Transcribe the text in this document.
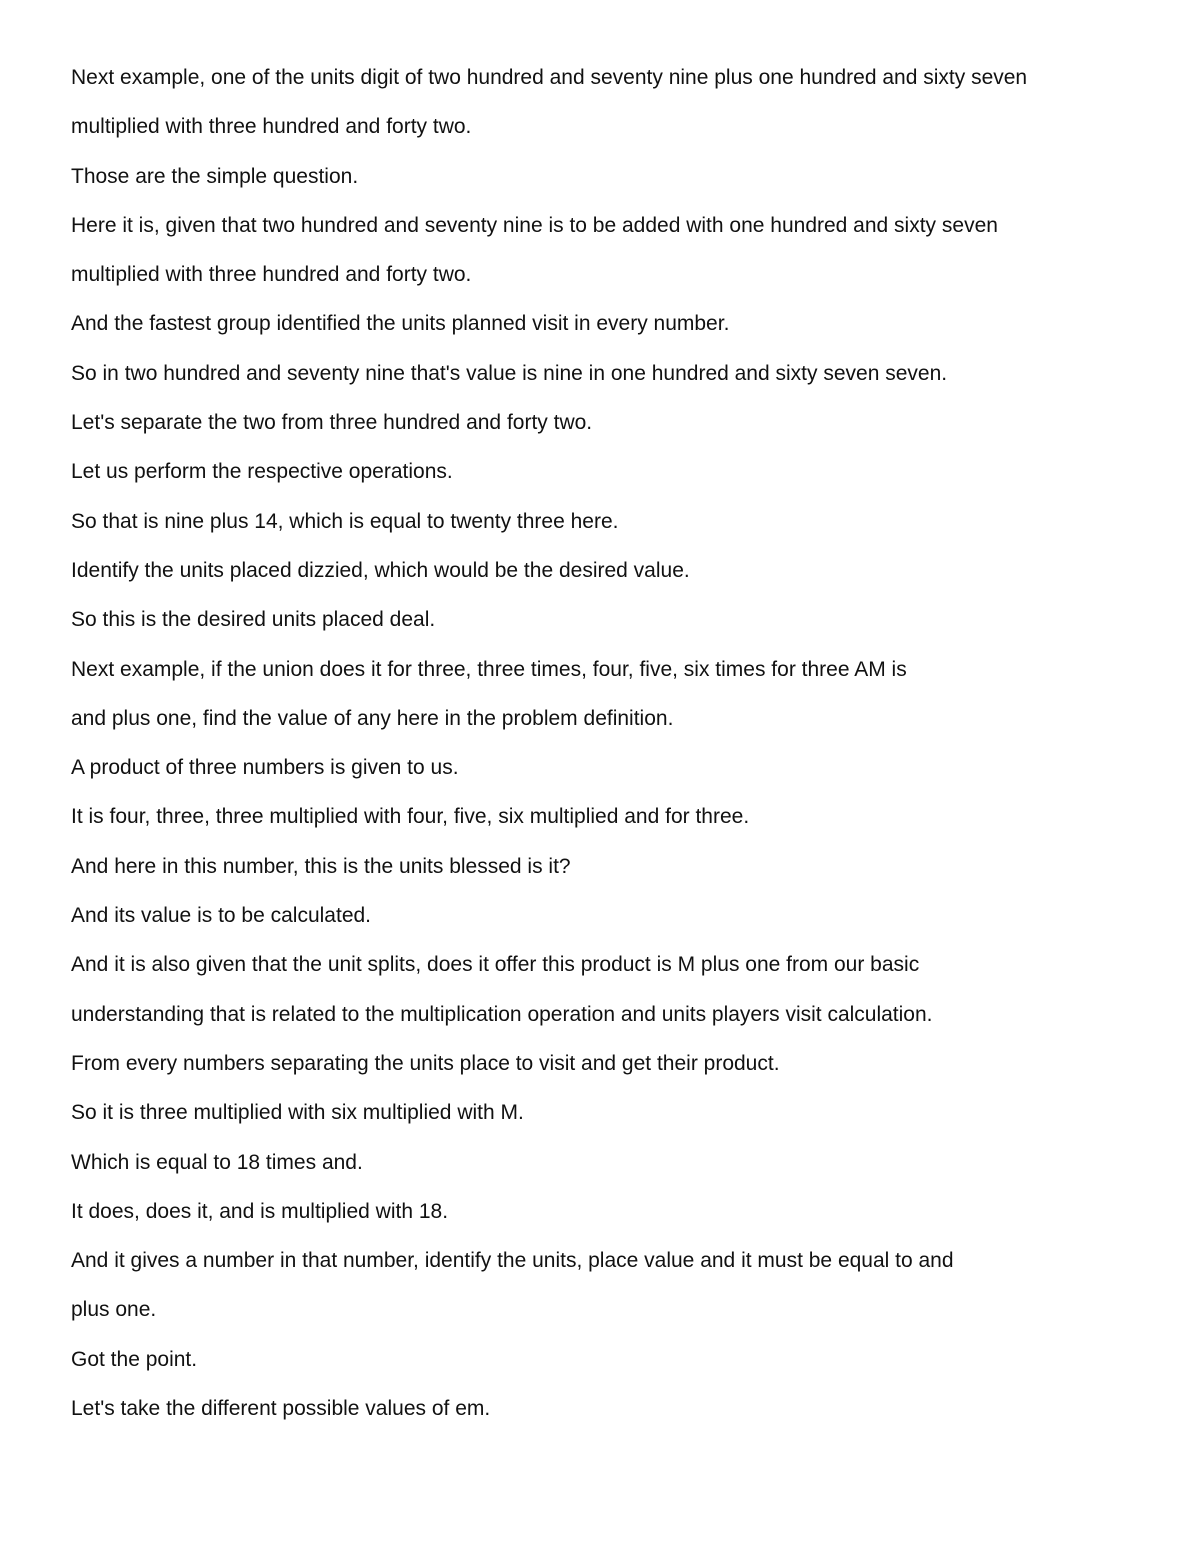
Next example, one of the units digit of two hundred and seventy nine plus one hundred and sixty seven

multiplied with three hundred and forty two.

Those are the simple question.

Here it is, given that two hundred and seventy nine is to be added with one hundred and sixty seven

multiplied with three hundred and forty two.

And the fastest group identified the units planned visit in every number.

So in two hundred and seventy nine that's value is nine in one hundred and sixty seven seven.

Let's separate the two from three hundred and forty two.

Let us perform the respective operations.

So that is nine plus 14, which is equal to twenty three here.

Identify the units placed dizzied, which would be the desired value.

So this is the desired units placed deal.

Next example, if the union does it for three, three times, four, five, six times for three AM is

and plus one, find the value of any here in the problem definition.

A product of three numbers is given to us.

It is four, three, three multiplied with four, five, six multiplied and for three.

And here in this number, this is the units blessed is it?

And its value is to be calculated.

And it is also given that the unit splits, does it offer this product is M plus one from our basic

understanding that is related to the multiplication operation and units players visit calculation.

From every numbers separating the units place to visit and get their product.

So it is three multiplied with six multiplied with M.

Which is equal to 18 times and.

It does, does it, and is multiplied with 18.

And it gives a number in that number, identify the units, place value and it must be equal to and

plus one.

Got the point.

Let's take the different possible values of em.
